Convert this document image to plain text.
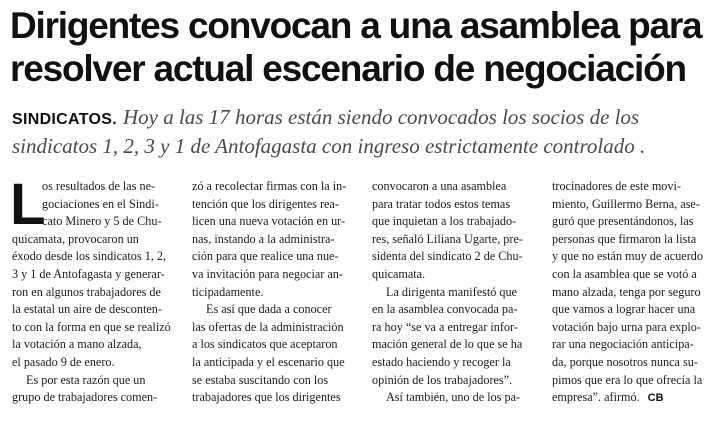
Dirigentes convocan a una asamblea para
resolver actual escenario de negociación
SINDICATOS. Hoy a las 17 horas están siendo convocados los socios de los
sindicatos 1, 2, 3 y 1 de Antofagasta con ingreso estrictamente controlado .
L
os resultados de las ne-
gociaciones en el Sindi-
cato Minero y 5 de Chu-
quicamata, provocaron un
éxodo desde los sindicatos 1, 2,
3 y 1 de Antofagasta y generar-
ron en algunos trabajadores de
la estatal un aire de desconten-
to con la forma en que se realizó
la votación a mano alzada,
el pasado 9 de enero.
Es por esta razón que un
grupo de trabajadores comen-
zó a recolectar firmas con la in-
tención que los dirigentes rea-
licen una nueva votación en ur-
nas, instando a la administra-
ción para que realice una nue-
va invitación para negociar an-
ticipadamente.
Es así que dada a conocer
las ofertas de la administración
a los sindicatos que aceptaron
la anticipada y el escenario que
se estaba suscitando con los
trabajadores que los dirigentes
convocaron a una asamblea
para tratar todos estos temas
que inquietan a los trabajado-
res, señaló Liliana Ugarte, pre-
sidenta del sindicato 2 de Chu-
quicamata.
La dirigenta manifestó que
en la asamblea convocada pa-
ra hoy “se va a entregar infor-
mación general de lo que se ha
estado haciendo y recoger la
opinión de los trabajadores”.
Así también, uno de los pa-
trocinadores de este movi-
miento, Guillermo Berna, ase-
guró que presentándonos, las
personas que firmaron la lista
y que no están muy de acuerdo
con la asamblea que se votó a
mano alzada, tenga por seguro
que vamos a lograr hacer una
votación bajo urna para explo-
rar una negociación anticipa-
da, porque nosotros nunca su-
pimos que era lo que ofrecía la
empresa”. afirmó. CB
